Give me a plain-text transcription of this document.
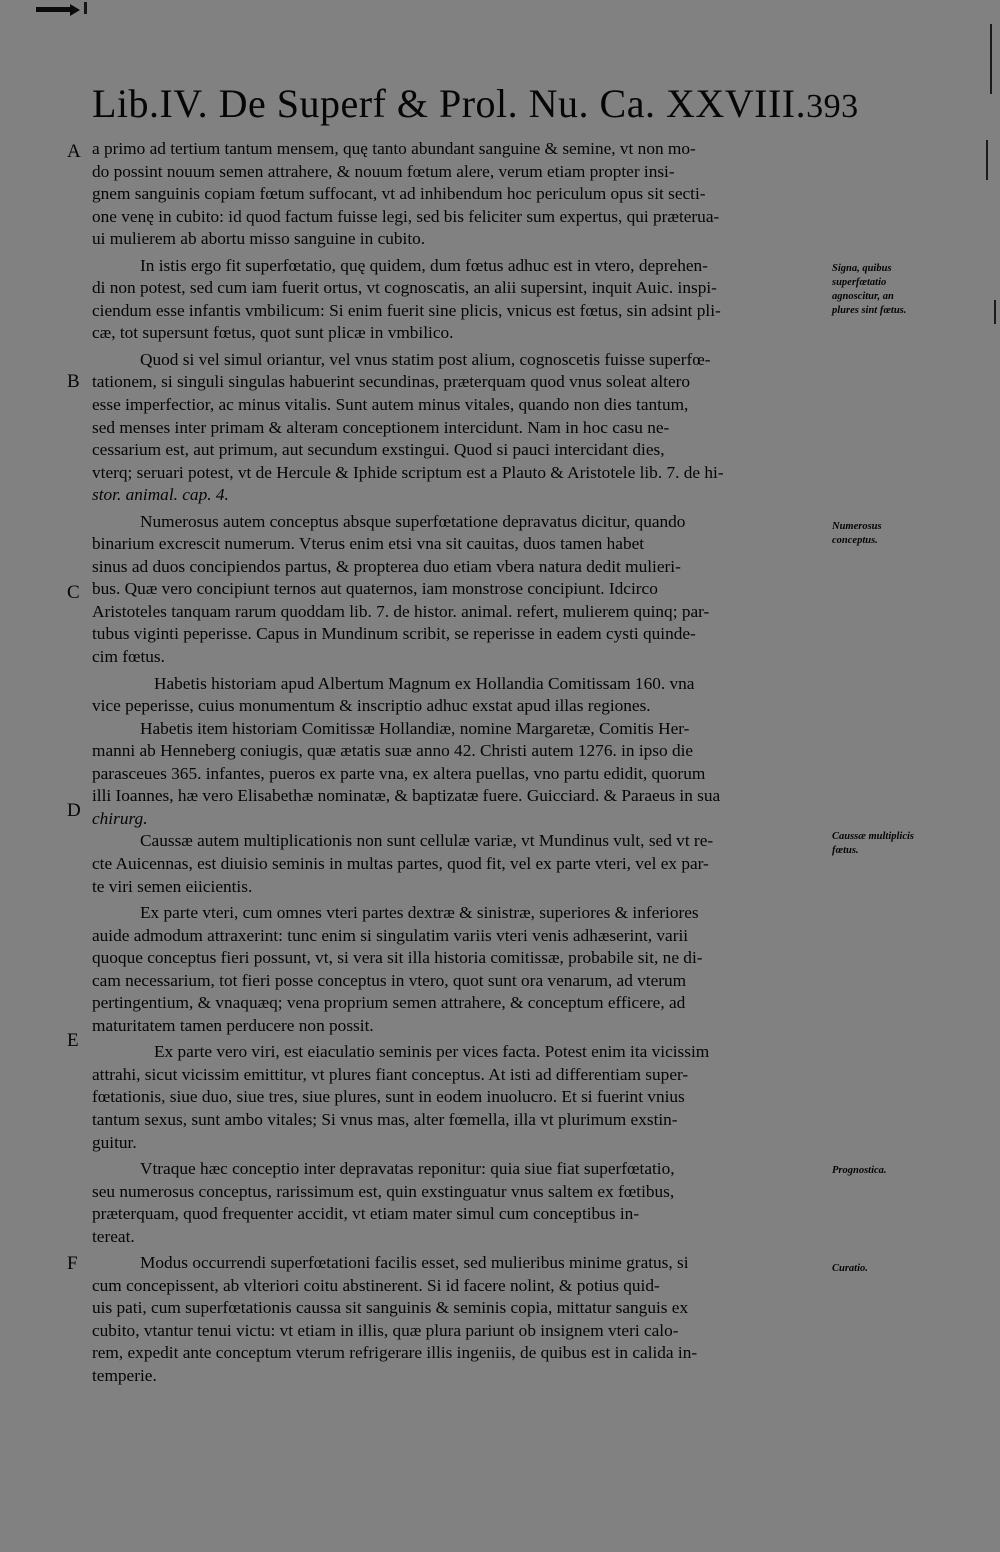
Lib.IV. De Superf & Prol. Nu. Ca. XXVIII. 393
A
B
C
D
E
F
Signa, quibus superfœtatio agnoscitur, an plures sint fœtus.
Numerosus conceptus.
Caussæ multiplicis fœtus.
Prognostica.
Curatio.
a primo ad tertium tantum mensem, quę tanto abundant sanguine & semine, vt non mo-
do possint nouum semen attrahere, & nouum fœtum alere, verum etiam propter insi-
gnem sanguinis copiam fœtum suffocant, vt ad inhibendum hoc periculum opus sit secti-
one venę in cubito: id quod factum fuisse legi, sed bis feliciter sum expertus, qui præterua-
ui mulierem ab abortu misso sanguine in cubito.
In istis ergo fit superfœtatio, quę quidem, dum fœtus adhuc est in vtero, deprehen-
di non potest, sed cum iam fuerit ortus, vt cognoscatis, an alii supersint, inquit Auic. inspi-
ciendum esse infantis vmbilicum: Si enim fuerit sine plicis, vnicus est fœtus, sin adsint pli-
cæ, tot supersunt fœtus, quot sunt plicæ in vmbilico.
Quod si vel simul oriantur, vel vnus statim post alium, cognoscetis fuisse superfœ-
tationem, si singuli singulas habuerint secundinas, præterquam quod vnus soleat altero
esse imperfectior, ac minus vitalis. Sunt autem minus vitales, quando non dies tantum,
sed menses inter primam & alteram conceptionem intercidunt. Nam in hoc casu ne-
cessarium est, aut primum, aut secundum exstingui. Quod si pauci intercidant dies,
vterq; seruari potest, vt de Hercule & Iphide scriptum est a Plauto & Aristotele lib. 7. de hi-
stor. animal. cap. 4.
Numerosus autem conceptus absque superfœtatione depravatus dicitur, quando
binarium excrescit numerum. Vterus enim etsi vna sit cauitas, duos tamen habet
sinus ad duos concipiendos partus, & propterea duo etiam vbera natura dedit mulieri-
bus. Quæ vero concipiunt ternos aut quaternos, iam monstrose concipiunt. Idcirco
Aristoteles tanquam rarum quoddam lib. 7. de histor. animal. refert, mulierem quinq; par-
tubus viginti peperisse. Capus in Mundinum scribit, se reperisse in eadem cysti quinde-
cim fœtus.
Habetis historiam apud Albertum Magnum ex Hollandia Comitissam 160. vna
vice peperisse, cuius monumentum & inscriptio adhuc exstat apud illas regiones.
Habetis item historiam Comitissæ Hollandiæ, nomine Margaretæ, Comitis Her-
manni ab Henneberg coniugis, quæ ætatis suæ anno 42. Christi autem 1276. in ipso die
parasceues 365. infantes, pueros ex parte vna, ex altera puellas, vno partu edidit, quorum
illi Ioannes, hæ vero Elisabethæ nominatæ, & baptizatæ fuere. Guicciard. & Paraeus in sua
chirurg.
Caussæ autem multiplicationis non sunt cellulæ variæ, vt Mundinus vult, sed vt re-
cte Auicennas, est diuisio seminis in multas partes, quod fit, vel ex parte vteri, vel ex par-
te viri semen eiicientis.
Ex parte vteri, cum omnes vteri partes dextræ & sinistræ, superiores & inferiores
auide admodum attraxerint: tunc enim si singulatim variis vteri venis adhæserint, varii
quoque conceptus fieri possunt, vt, si vera sit illa historia comitissæ, probabile sit, ne di-
cam necessarium, tot fieri posse conceptus in vtero, quot sunt ora venarum, ad vterum
pertingentium, & vnaquæq; vena proprium semen attrahere, & conceptum efficere, ad
maturitatem tamen perducere non possit.
Ex parte vero viri, est eiaculatio seminis per vices facta. Potest enim ita vicissim
attrahi, sicut vicissim emittitur, vt plures fiant conceptus. At isti ad differentiam super-
fœtationis, siue duo, siue tres, siue plures, sunt in eodem inuolucro. Et si fuerint vnius
tantum sexus, sunt ambo vitales; Si vnus mas, alter fœmella, illa vt plurimum exstin-
guitur.
Vtraque hæc conceptio inter depravatas reponitur: quia siue fiat superfœtatio,
seu numerosus conceptus, rarissimum est, quin exstinguatur vnus saltem ex fœtibus,
præterquam, quod frequenter accidit, vt etiam mater simul cum conceptibus in-
tereat.
Modus occurrendi superfœtationi facilis esset, sed mulieribus minime gratus, si
cum concepissent, ab vlteriori coitu abstinerent. Si id facere nolint, & potius quid-
uis pati, cum superfœtationis caussa sit sanguinis & seminis copia, mittatur sanguis ex
cubito, vtantur tenui victu: vt etiam in illis, quæ plura pariunt ob insignem vteri calo-
rem, expedit ante conceptum vterum refrigerare illis ingeniis, de quibus est in calida in-
temperie.
